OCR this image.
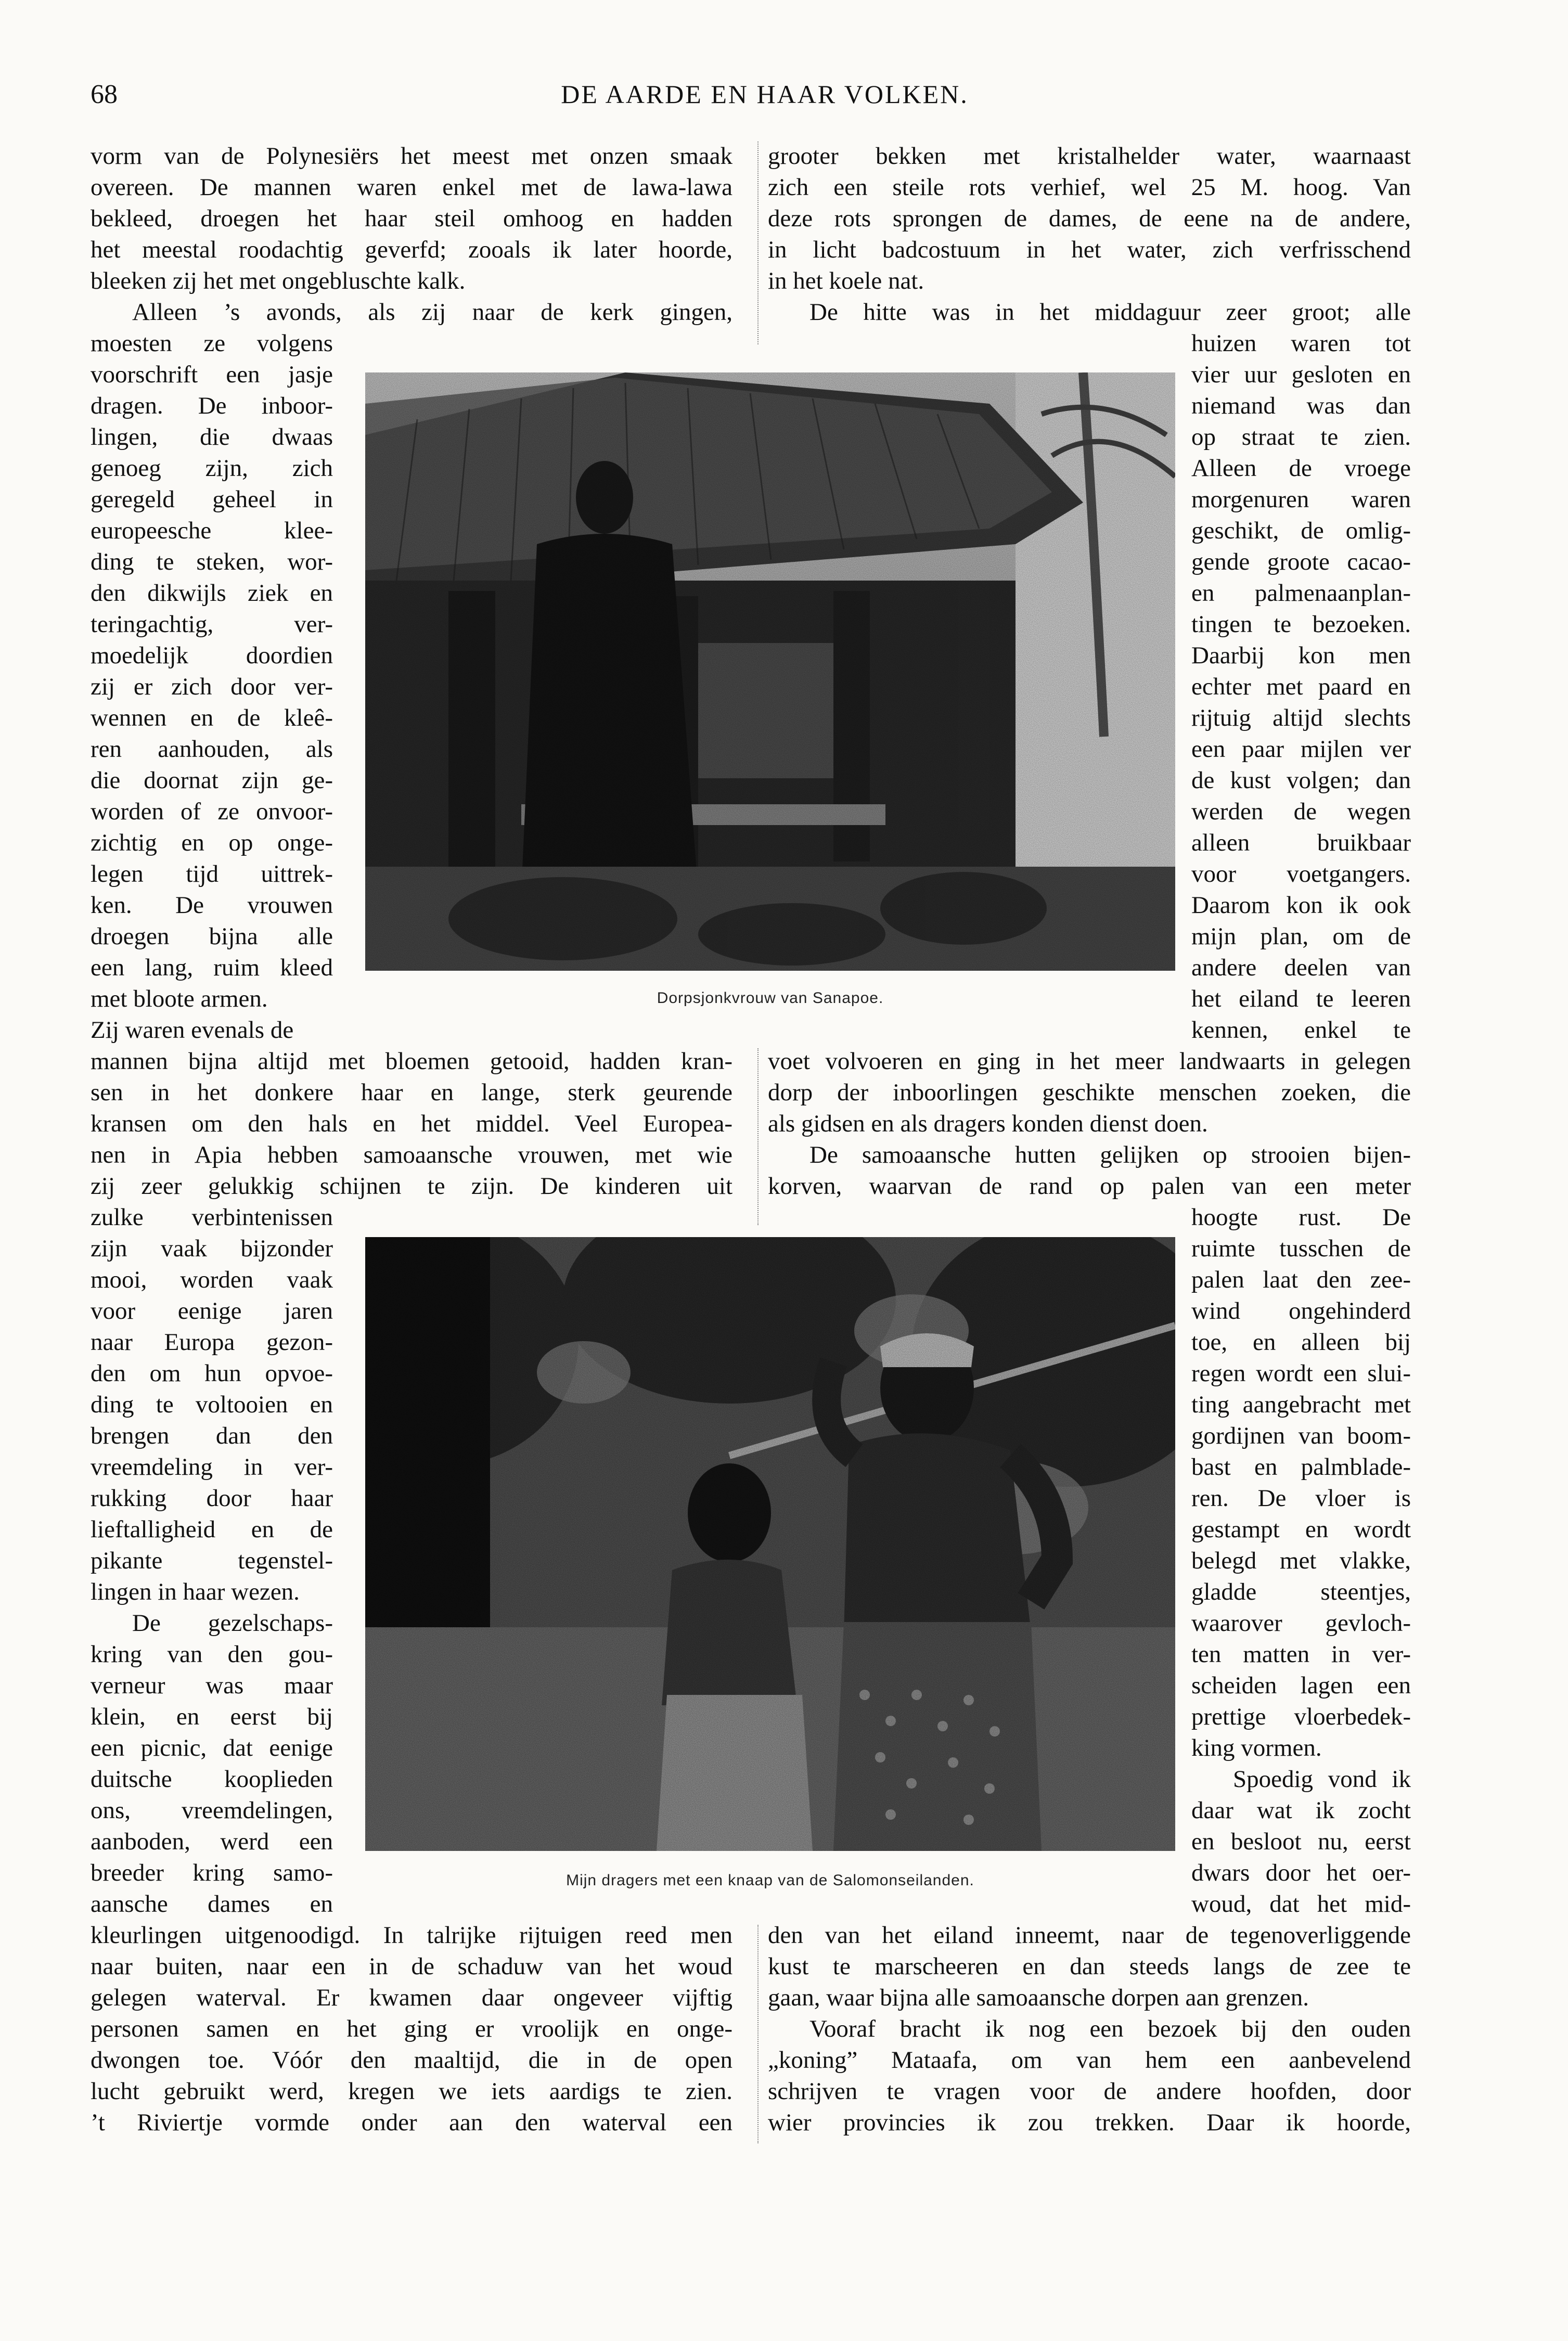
68	DE AARDE EN HAAR VOLKEN.
vorm van de Polynesiërs het meest met onzen smaak
overeen. De mannen waren enkel met de lawa-lawa
bekleed, droegen het haar steil omhoog en hadden
het meestal roodachtig geverfd; zooals ik later hoorde,
bleeken zij het met ongebluschte kalk.
Alleen ’s avonds, als zij naar de kerk gingen,
moesten ze volgens
voorschrift een jasje
dragen. De inboor-
lingen, die dwaas
genoeg zijn, zich
geregeld geheel in
europeesche klee-
ding te steken, wor-
den dikwijls ziek en
teringachtig, ver-
moedelijk doordien
zij er zich door ver-
wennen en de kleê-
ren aanhouden, als
die doornat zijn ge-
worden of ze onvoor-
zichtig en op onge-
legen tijd uittrek-
ken. De vrouwen
droegen bijna alle
een lang, ruim kleed
met bloote armen.
Zij waren evenals de
mannen bijna altijd met bloemen getooid, hadden kran-
sen in het donkere haar en lange, sterk geurende
kransen om den hals en het middel. Veel Europea-
nen in Apia hebben samoaansche vrouwen, met wie
zij zeer gelukkig schijnen te zijn. De kinderen uit
zulke verbintenissen
zijn vaak bijzonder
mooi, worden vaak
voor eenige jaren
naar Europa gezon-
den om hun opvoe-
ding te voltooien en
brengen dan den
vreemdeling in ver-
rukking door haar
lieftalligheid en de
pikante tegenstel-
lingen in haar wezen.
De gezelschaps-
kring van den gou-
verneur was maar
klein, en eerst bij
een picnic, dat eenige
duitsche kooplieden
ons, vreemdelingen,
aanboden, werd een
breeder kring samo-
aansche dames en
kleurlingen uitgenoodigd. In talrijke rijtuigen reed men
naar buiten, naar een in de schaduw van het woud
gelegen waterval. Er kwamen daar ongeveer vijftig
personen samen en het ging er vroolijk en onge-
dwongen toe. Vóór den maaltijd, die in de open
lucht gebruikt werd, kregen we iets aardigs te zien.
’t Riviertje vormde onder aan den waterval een
grooter bekken met kristalhelder water, waarnaast
zich een steile rots verhief, wel 25 M. hoog. Van
deze rots sprongen de dames, de eene na de andere,
in licht badcostuum in het water, zich verfrisschend
in het koele nat.
De hitte was in het middaguur zeer groot; alle
huizen waren tot
vier uur gesloten en
niemand was dan
op straat te zien.
Alleen de vroege
morgenuren waren
geschikt, de omlig-
gende groote cacao-
en palmenaanplan-
tingen te bezoeken.
Daarbij kon men
echter met paard en
rijtuig altijd slechts
een paar mijlen ver
de kust volgen; dan
werden de wegen
alleen bruikbaar
voor voetgangers.
Daarom kon ik ook
mijn plan, om de
andere deelen van
het eiland te leeren
kennen, enkel te
voet volvoeren en ging in het meer landwaarts in gelegen
dorp der inboorlingen geschikte menschen zoeken, die
als gidsen en als dragers konden dienst doen.
De samoaansche hutten gelijken op strooien bijen-
korven, waarvan de rand op palen van een meter
hoogte rust. De
ruimte tusschen de
palen laat den zee-
wind ongehinderd
toe, en alleen bij
regen wordt een slui-
ting aangebracht met
gordijnen van boom-
bast en palmblade-
ren. De vloer is
gestampt en wordt
belegd met vlakke,
gladde steentjes,
waarover gevloch-
ten matten in ver-
scheiden lagen een
prettige vloerbedek-
king vormen.
Spoedig vond ik
daar wat ik zocht
en besloot nu, eerst
dwars door het oer-
woud, dat het mid-
den van het eiland inneemt, naar de tegenoverliggende
kust te marscheeren en dan steeds langs de zee te
gaan, waar bijna alle samoaansche dorpen aan grenzen.
Vooraf bracht ik nog een bezoek bij den ouden
„koning” Mataafa, om van hem een aanbevelend
schrijven te vragen voor de andere hoofden, door
wier provincies ik zou trekken. Daar ik hoorde,
Dorpsjonkvrouw van Sanapoe.
Mijn dragers met een knaap van de Salomonseilanden.
